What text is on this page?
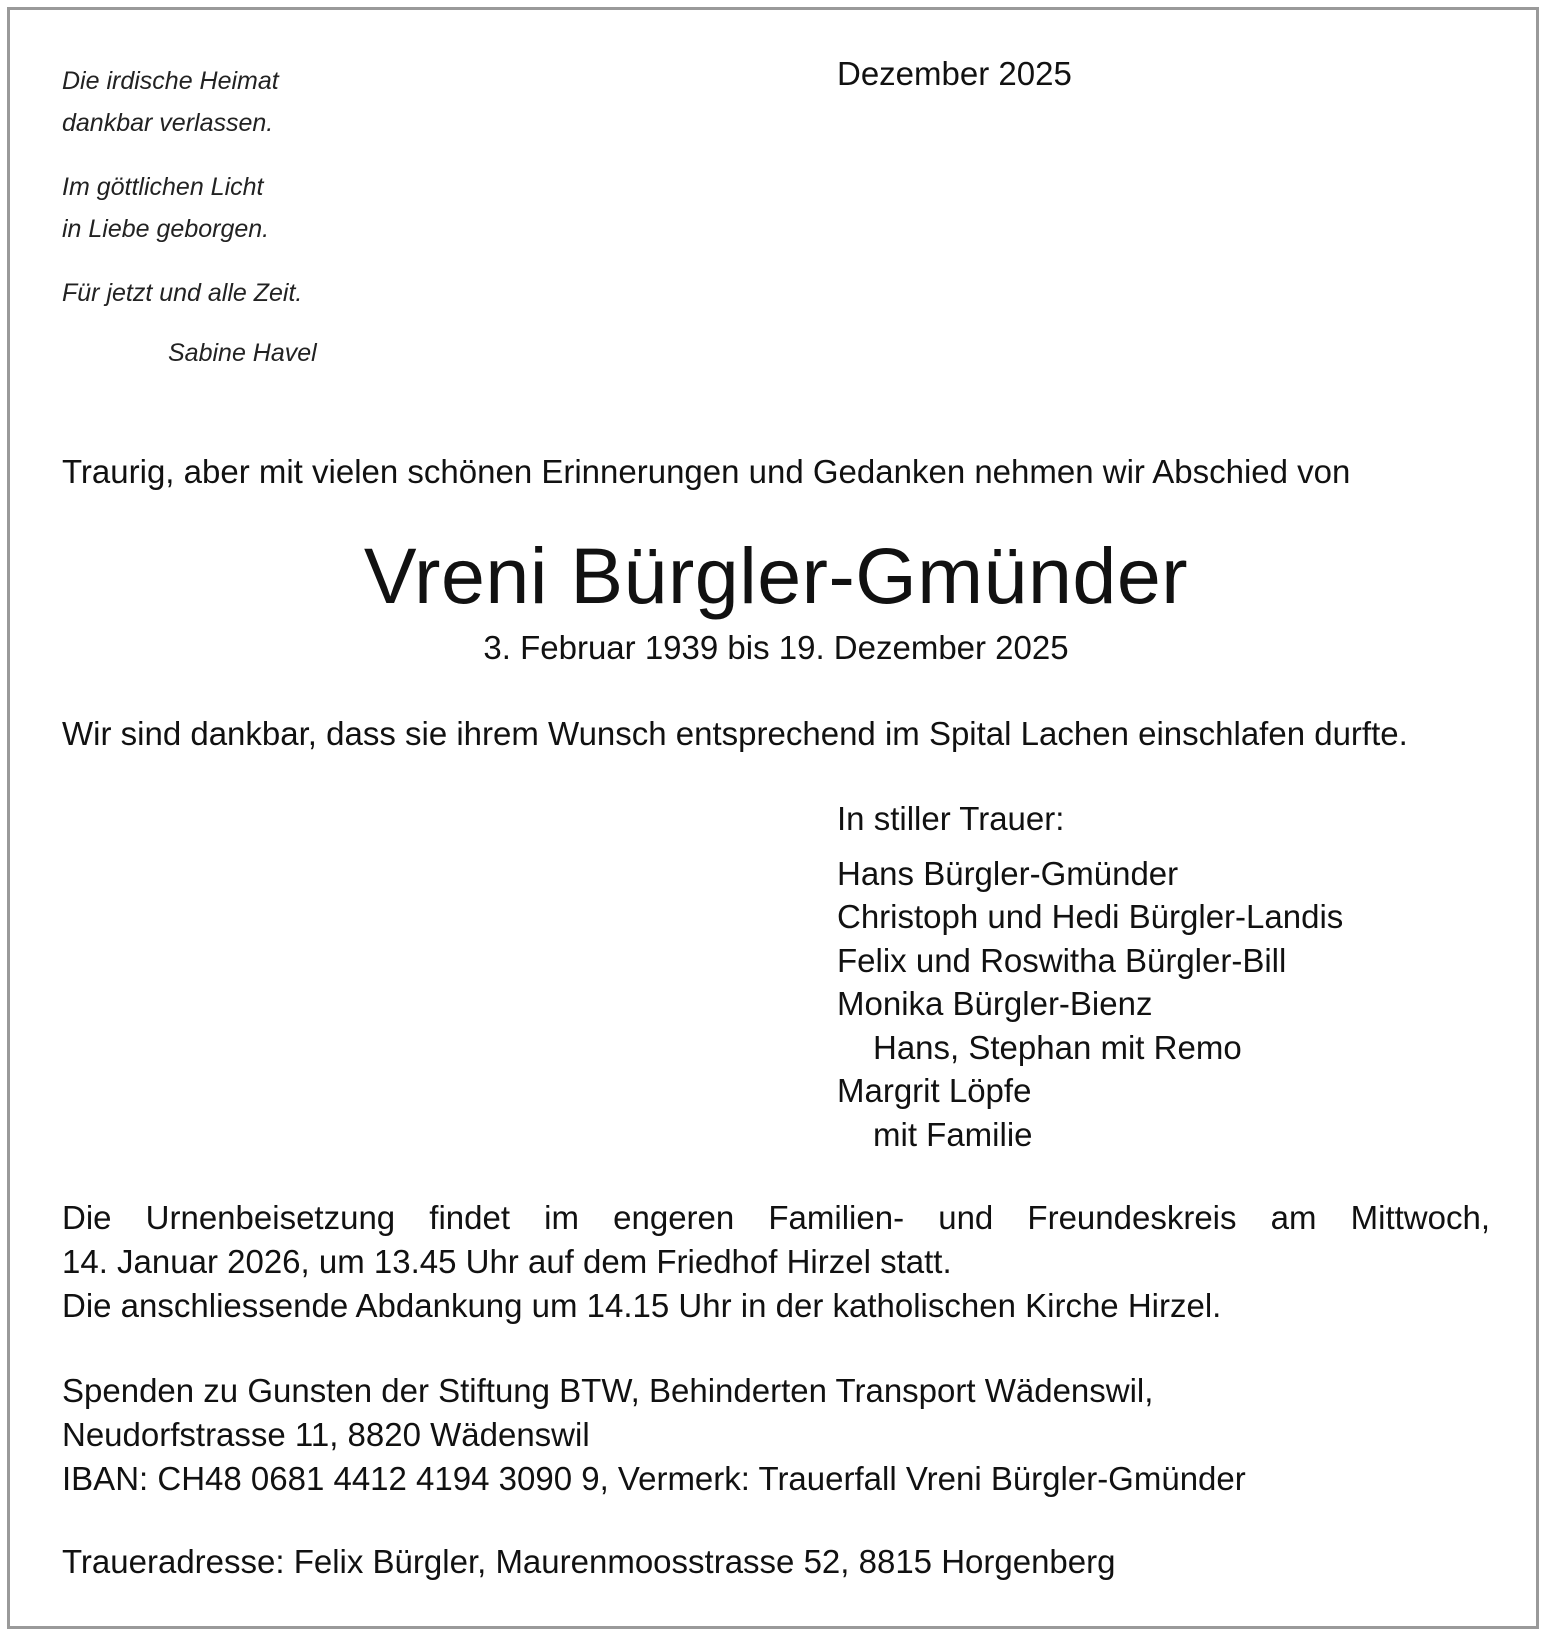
Die irdische Heimat
dankbar verlassen.
Im göttlichen Licht
in Liebe geborgen.
Für jetzt und alle Zeit.
Sabine Havel
Dezember 2025
Traurig, aber mit vielen schönen Erinnerungen und Gedanken nehmen wir Abschied von
Vreni Bürgler-Gmünder
3. Februar 1939 bis 19. Dezember 2025
Wir sind dankbar, dass sie ihrem Wunsch entsprechend im Spital Lachen einschlafen durfte.
In stiller Trauer:
Hans Bürgler-Gmünder
Christoph und Hedi Bürgler-Landis
Felix und Roswitha Bürgler-Bill
Monika Bürgler-Bienz
Hans, Stephan mit Remo
Margrit Löpfe
mit Familie
Die Urnenbeisetzung findet im engeren Familien- und Freundeskreis am Mittwoch,
14. Januar 2026, um 13.45 Uhr auf dem Friedhof Hirzel statt.
Die anschliessende Abdankung um 14.15 Uhr in der katholischen Kirche Hirzel.
Spenden zu Gunsten der Stiftung BTW, Behinderten Transport Wädenswil,
Neudorfstrasse 11, 8820 Wädenswil
IBAN: CH48 0681 4412 4194 3090 9, Vermerk: Trauerfall Vreni Bürgler-Gmünder
Traueradresse: Felix Bürgler, Maurenmoosstrasse 52, 8815 Horgenberg
